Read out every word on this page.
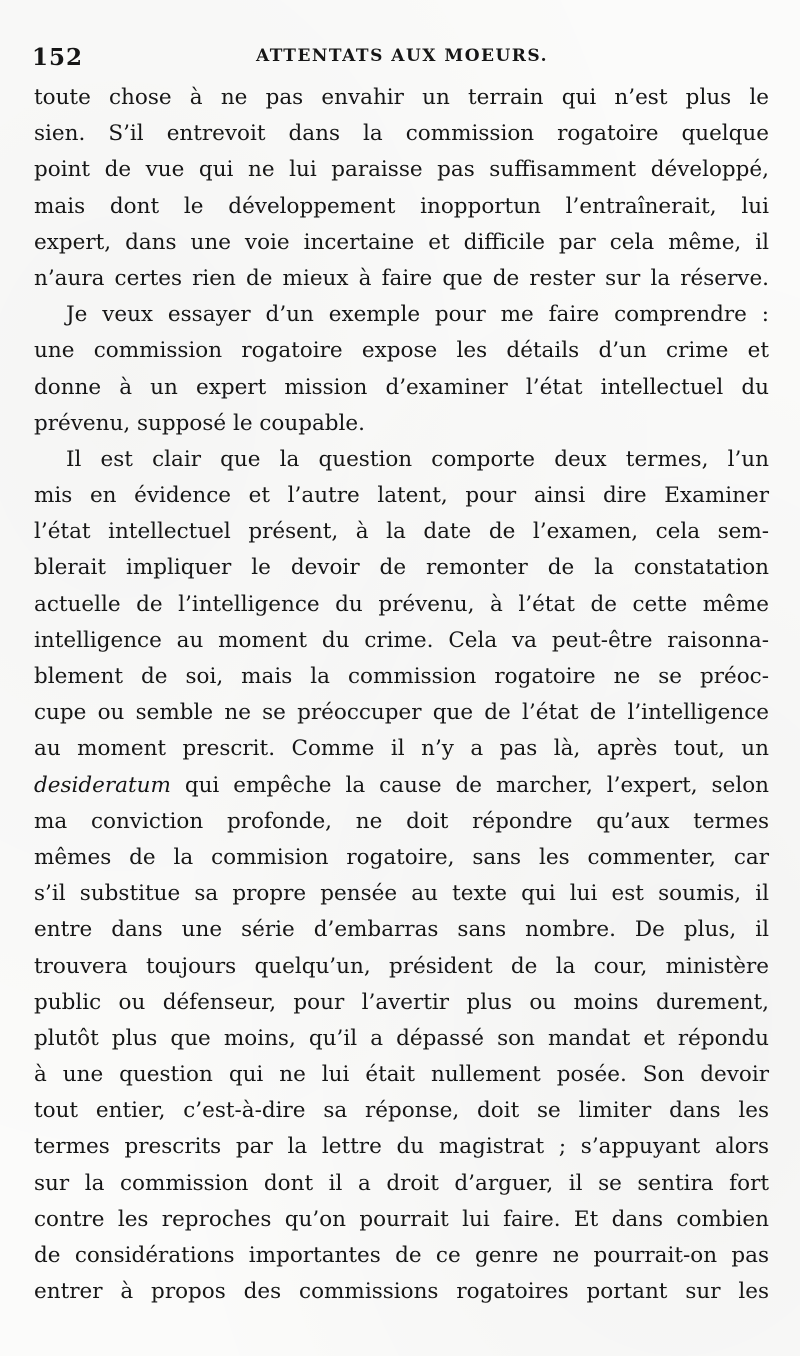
152	ATTENTATS AUX MOEURS.
toute chose à ne pas envahir un terrain qui n’est plus le
sien. S’il entrevoit dans la commission rogatoire quelque
point de vue qui ne lui paraisse pas suffisamment développé,
mais dont le développement inopportun l’entraînerait, lui
expert, dans une voie incertaine et difficile par cela même, il
n’aura certes rien de mieux à faire que de rester sur la réserve.
Je veux essayer d’un exemple pour me faire comprendre :
une commission rogatoire expose les détails d’un crime et
donne à un expert mission d’examiner l’état intellectuel du
prévenu, supposé le coupable.
Il est clair que la question comporte deux termes, l’un
mis en évidence et l’autre latent, pour ainsi dire Examiner
l’état intellectuel présent, à la date de l’examen, cela sem-
blerait impliquer le devoir de remonter de la constatation
actuelle de l’intelligence du prévenu, à l’état de cette même
intelligence au moment du crime. Cela va peut-être raisonna-
blement de soi, mais la commission rogatoire ne se préoc-
cupe ou semble ne se préoccuper que de l’état de l’intelligence
au moment prescrit. Comme il n’y a pas là, après tout, un
desideratum qui empêche la cause de marcher, l’expert, selon
ma conviction profonde, ne doit répondre qu’aux termes
mêmes de la commision rogatoire, sans les commenter, car
s’il substitue sa propre pensée au texte qui lui est soumis, il
entre dans une série d’embarras sans nombre. De plus, il
trouvera toujours quelqu’un, président de la cour, ministère
public ou défenseur, pour l’avertir plus ou moins durement,
plutôt plus que moins, qu’il a dépassé son mandat et répondu
à une question qui ne lui était nullement posée. Son devoir
tout entier, c’est-à-dire sa réponse, doit se limiter dans les
termes prescrits par la lettre du magistrat ; s’appuyant alors
sur la commission dont il a droit d’arguer, il se sentira fort
contre les reproches qu’on pourrait lui faire. Et dans combien
de considérations importantes de ce genre ne pourrait-on pas
entrer à propos des commissions rogatoires portant sur les
